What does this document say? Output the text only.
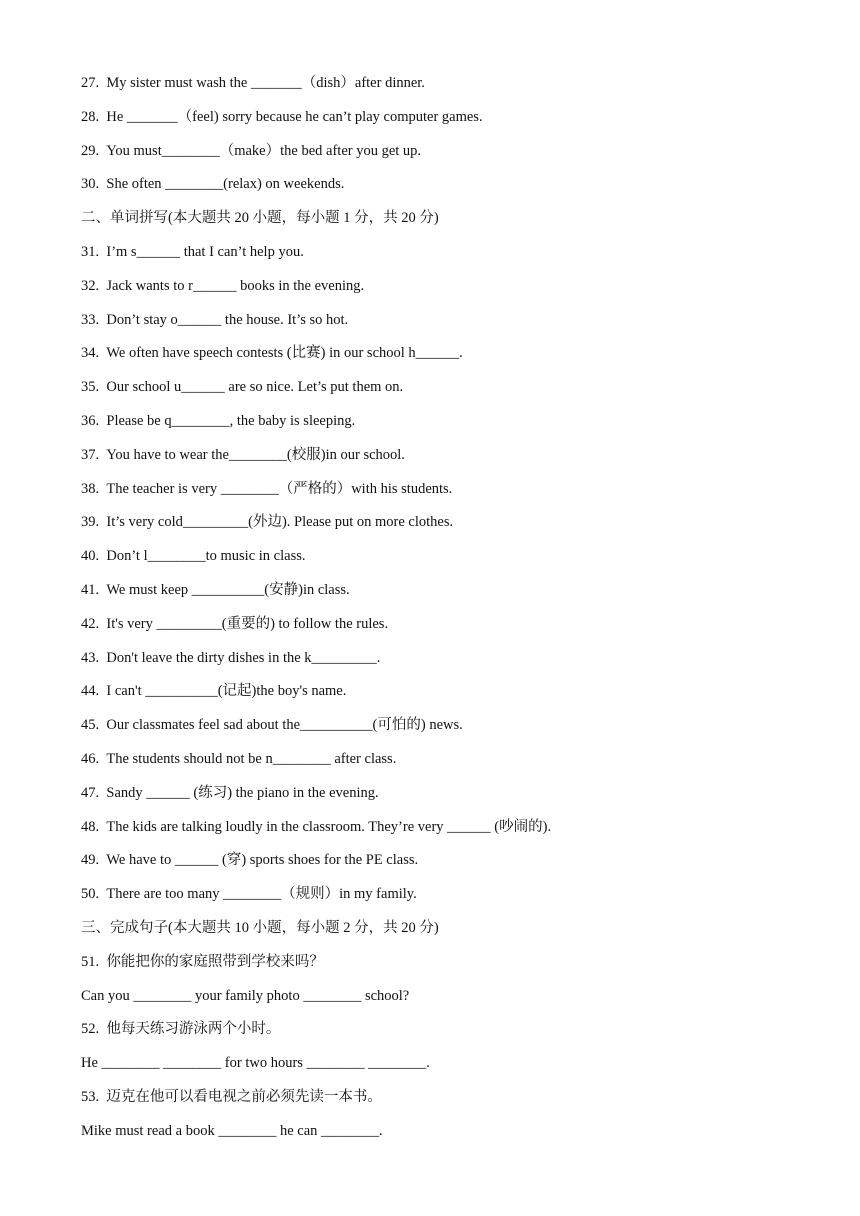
27. My sister must wash the _______（dish）after dinner.
28. He _______（feel) sorry because he can’t play computer games.
29. You must________（make）the bed after you get up.
30. She often ________(relax) on weekends.
二、单词拼写(本大题共 20 小题，每小题 1 分，共 20 分)
31. I’m s______ that I can’t help you.
32. Jack wants to r______ books in the evening.
33. Don’t stay o______ the house. It’s so hot.
34. We often have speech contests (比赛) in our school h______.
35. Our school u______ are so nice. Let’s put them on.
36. Please be q________, the baby is sleeping.
37. You have to wear the________(校服)in our school.
38. The teacher is very ________（严格的）with his students.
39. It’s very cold_________(外边). Please put on more clothes.
40. Don’t l________to music in class.
41. We must keep __________(安静)in class.
42. It's very _________(重要的) to follow the rules.
43. Don't leave the dirty dishes in the k_________.
44. I can't __________(记起)the boy's name.
45. Our classmates feel sad about the__________(可怕的) news.
46. The students should not be n________ after class.
47. Sandy ______ (练习) the piano in the evening.
48. The kids are talking loudly in the classroom. They’re very ______ (吵闹的).
49. We have to ______ (穿) sports shoes for the PE class.
50. There are too many ________（规则）in my family.
三、完成句子(本大题共 10 小题，每小题 2 分，共 20 分)
51. 你能把你的家庭照带到学校来吗？
Can you ________ your family photo ________ school?
52. 他每天练习游泳两个小时。
He ________ ________ for two hours ________ ________.
53. 迈克在他可以看电视之前必须先读一本书。
Mike must read a book ________ he can ________.
